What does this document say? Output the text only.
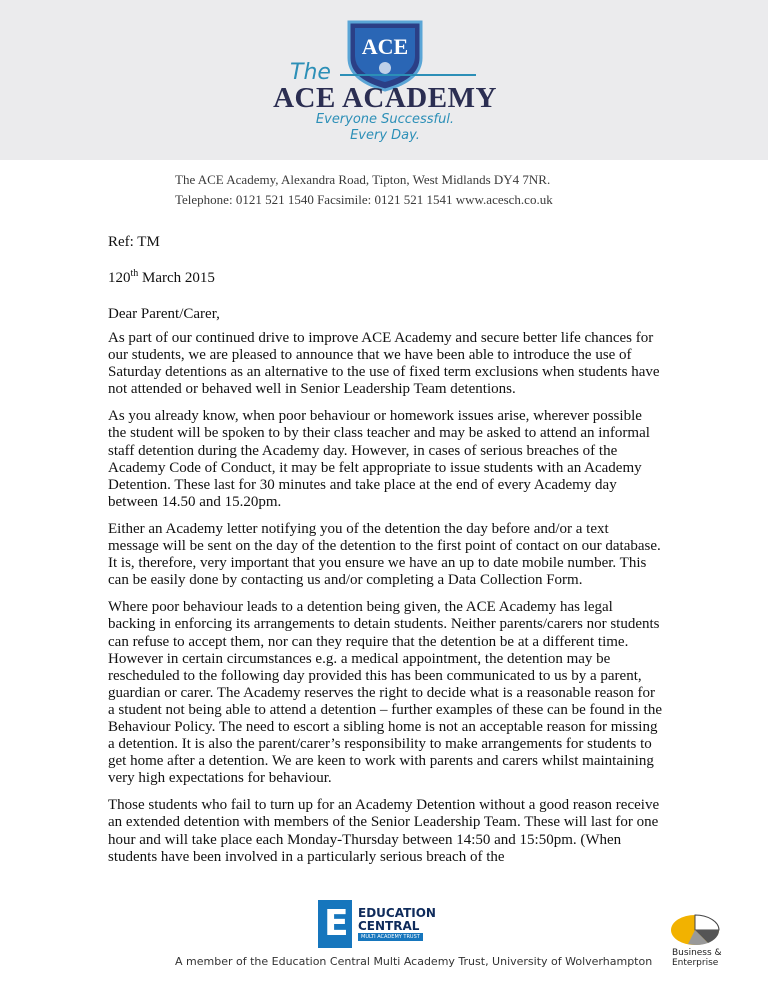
ACE
The
ACE ACADEMY
Everyone Successful.
Every Day.
The ACE Academy, Alexandra Road, Tipton, West Midlands DY4 7NR.
Telephone: 0121 521 1540 Facsimile: 0121 521 1541 www.acesch.co.uk
Ref: TM
120th March 2015
Dear Parent/Carer,

As part of our continued drive to improve ACE Academy and secure better life chances for our students, we are pleased to announce that we have been able to introduce the use of Saturday detentions as an alternative to the use of fixed term exclusions when students have not attended or behaved well in Senior Leadership Team detentions.

As you already know, when poor behaviour or homework issues arise, wherever possible the student will be spoken to by their class teacher and may be asked to attend an informal staff detention during the Academy day. However, in cases of serious breaches of the Academy Code of Conduct, it may be felt appropriate to issue students with an Academy Detention. These last for 30 minutes and take place at the end of every Academy day between 14.50 and 15.20pm.

Either an Academy letter notifying you of the detention the day before and/or a text message will be sent on the day of the detention to the first point of contact on our database. It is, therefore, very important that you ensure we have an up to date mobile number. This can be easily done by contacting us and/or completing a Data Collection Form.

Where poor behaviour leads to a detention being given, the ACE Academy has legal backing in enforcing its arrangements to detain students. Neither parents/carers nor students can refuse to accept them, nor can they require that the detention be at a different time. However in certain circumstances e.g. a medical appointment, the detention may be rescheduled to the following day provided this has been communicated to us by a parent, guardian or carer. The Academy reserves the right to decide what is a reasonable reason for a student not being able to attend a detention – further examples of these can be found in the Behaviour Policy. The need to escort a sibling home is not an acceptable reason for missing a detention. It is also the parent/carer’s responsibility to make arrangements for students to get home after a detention. We are keen to work with parents and carers whilst maintaining very high expectations for behaviour.

Those students who fail to turn up for an Academy Detention without a good reason receive an extended detention with members of the Senior Leadership Team. These will last for one hour and will take place each Monday-Thursday between 14:50 and 15:50pm. (When students have been involved in a particularly serious breach of the

E EDUCATION
CENTRAL
MULTI ACADEMY TRUST
A member of the Education Central Multi Academy Trust, University of Wolverhampton
Business &
Enterprise
